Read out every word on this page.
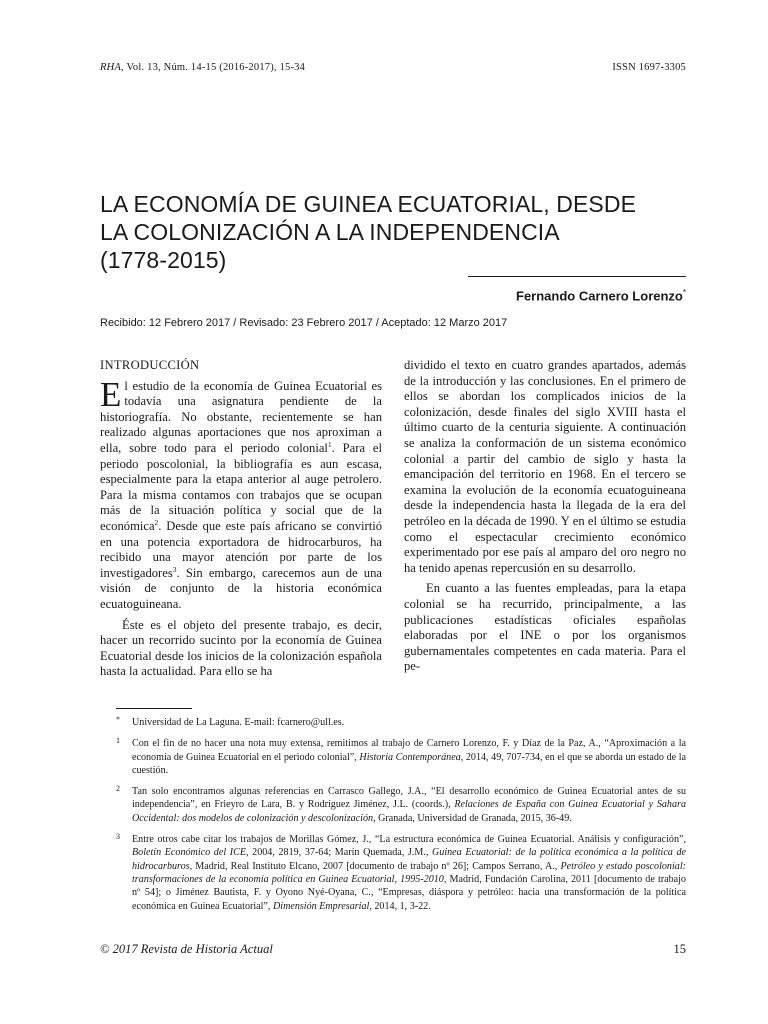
RHA, Vol. 13, Núm. 14-15 (2016-2017), 15-34	ISSN 1697-3305
LA ECONOMÍA DE GUINEA ECUATORIAL, DESDE
LA COLONIZACIÓN A LA INDEPENDENCIA
(1778-2015)
Fernando Carnero Lorenzo*
Recibido: 12 Febrero 2017 / Revisado: 23 Febrero 2017 / Aceptado: 12 Marzo 2017
INTRODUCCIÓN

El estudio de la economía de Guinea Ecuatorial es todavía una asignatura pendiente de la historiografía. No obstante, recientemente se han realizado algunas aportaciones que nos aproximan a ella, sobre todo para el periodo colonial$^1$. Para el periodo poscolonial, la bibliografía es aun escasa, especialmente para la etapa anterior al auge petrolero. Para la misma contamos con trabajos que se ocupan más de la situación política y social que de la económica$^2$. Desde que este país africano se convirtió en una potencia exportadora de hidrocarburos, ha recibido una mayor atención por parte de los investigadores$^3$. Sin embargo, carecemos aun de una visión de conjunto de la historia económica ecuatoguineana.

Éste es el objeto del presente trabajo, es decir, hacer un recorrido sucinto por la economía de Guinea Ecuatorial desde los inicios de la colonización española hasta la actualidad. Para ello se ha

dividido el texto en cuatro grandes apartados, además de la introducción y las conclusiones. En el primero de ellos se abordan los complicados inicios de la colonización, desde finales del siglo XVIII hasta el último cuarto de la centuria siguiente. A continuación se analiza la conformación de un sistema económico colonial a partir del cambio de siglo y hasta la emancipación del territorio en 1968. En el tercero se examina la evolución de la economía ecuatoguineana desde la independencia hasta la llegada de la era del petróleo en la década de 1990. Y en el último se estudia como el espectacular crecimiento económico experimentado por ese país al amparo del oro negro no ha tenido apenas repercusión en su desarrollo.

En cuanto a las fuentes empleadas, para la etapa colonial se ha recurrido, principalmente, a las publicaciones estadísticas oficiales españolas elaboradas por el INE o por los organismos gubernamentales competentes en cada materia. Para el pe-

* Universidad de La Laguna. E-mail: fcarnero@ull.es.
1 Con el fin de no hacer una nota muy extensa, remitimos al trabajo de Carnero Lorenzo, F. y Díaz de la Paz, A., “Aproximación a la economía de Guinea Ecuatorial en el periodo colonial”, Historia Contemporánea, 2014, 49, 707-734, en el que se aborda un estado de la cuestión.
2 Tan solo encontramos algunas referencias en Carrasco Gallego, J.A., “El desarrollo económico de Guinea Ecuatorial antes de su independencia”, en Frieyro de Lara, B. y Rodríguez Jiménez, J.L. (coords.), Relaciones de España con Guinea Ecuatorial y Sahara Occidental: dos modelos de colonización y descolonización, Granada, Universidad de Granada, 2015, 36-49.
3 Entre otros cabe citar los trabajos de Morillas Gómez, J., “La estructura económica de Guinea Ecuatorial. Análisis y configuración”, Boletín Económico del ICE, 2004, 2819, 37-64; Marín Quemada, J.M., Guinea Ecuatorial: de la política económica a la política de hidrocarburos, Madrid, Real Instituto Elcano, 2007 [documento de trabajo nº 26]; Campos Serrano, A., Petróleo y estado poscolonial: transformaciones de la economía política en Guinea Ecuatorial, 1995-2010, Madrid, Fundación Carolina, 2011 [documento de trabajo nº 54]; o Jiménez Bautista, F. y Oyono Nyé-Oyana, C., “Empresas, diáspora y petróleo: hacia una transformación de la política económica en Guinea Ecuatorial”, Dimensión Empresarial, 2014, 1, 3-22.
© 2017 Revista de Historia Actual	15
